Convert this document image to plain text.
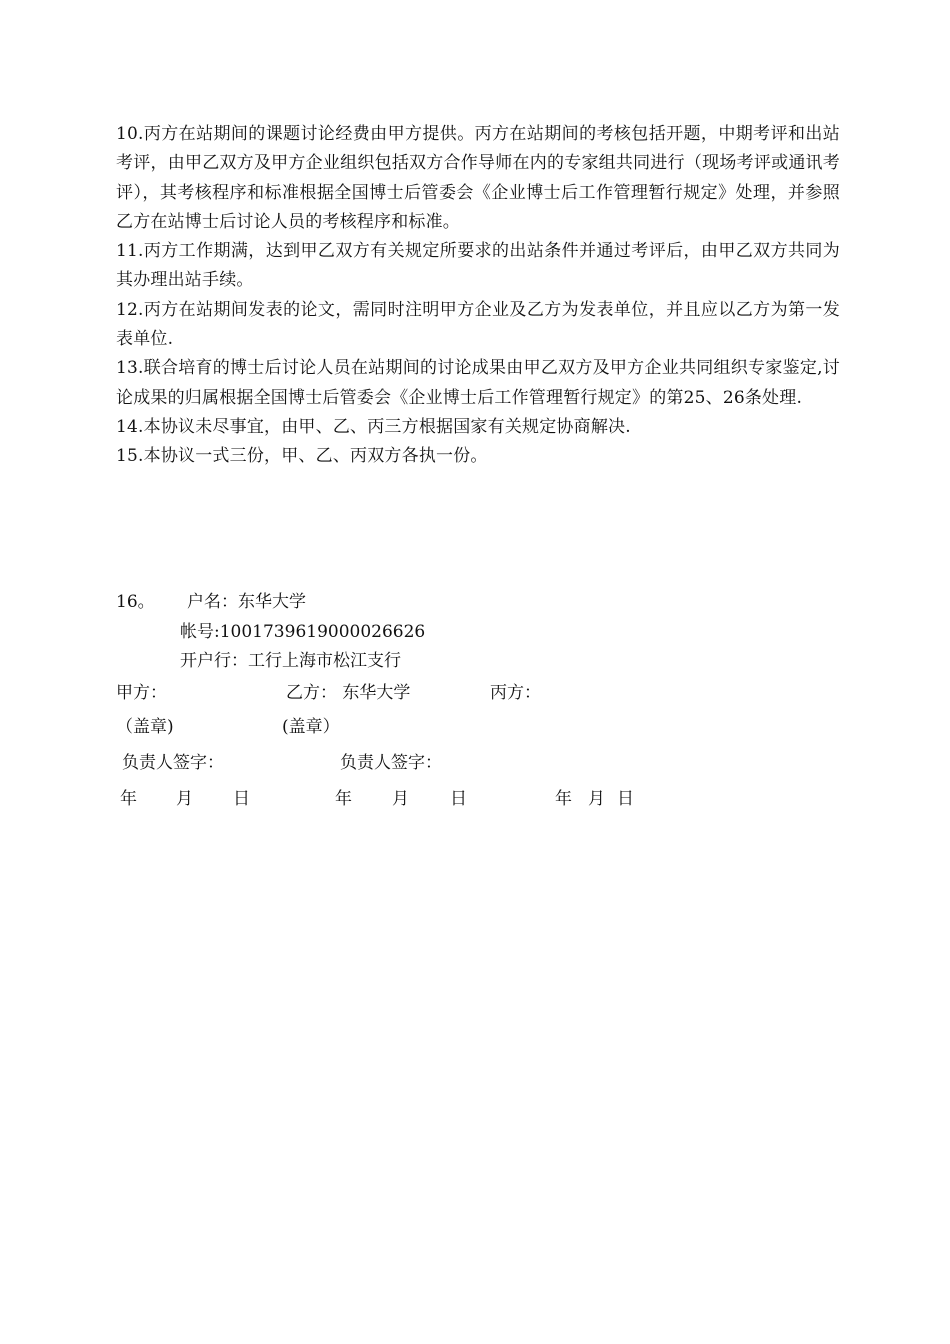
10.丙方在站期间的课题讨论经费由甲方提供。丙方在站期间的考核包括开题，中期考评和出站考评，由甲乙双方及甲方企业组织包括双方合作导师在内的专家组共同进行（现场考评或通讯考评），其考核程序和标准根据全国博士后管委会《企业博士后工作管理暂行规定》处理，并参照乙方在站博士后讨论人员的考核程序和标准。

11.丙方工作期满，达到甲乙双方有关规定所要求的出站条件并通过考评后，由甲乙双方共同为其办理出站手续。

12.丙方在站期间发表的论文，需同时注明甲方企业及乙方为发表单位，并且应以乙方为第一发表单位.

13.联合培育的博士后讨论人员在站期间的讨论成果由甲乙双方及甲方企业共同组织专家鉴定,讨论成果的归属根据全国博士后管委会《企业博士后工作管理暂行规定》的第25、26条处理.

14.本协议未尽事宜，由甲、乙、丙三方根据国家有关规定协商解决.

15.本协议一式三份，甲、乙、丙双方各执一份。

16。 户名：东华大学
帐号:1001739619000026626
开户行：工行上海市松江支行
甲方：	乙方： 东华大学	丙方：
（盖章)	(盖章）
负责人签字：	负责人签字：
年 月 日	年 月 日	年 月 日
